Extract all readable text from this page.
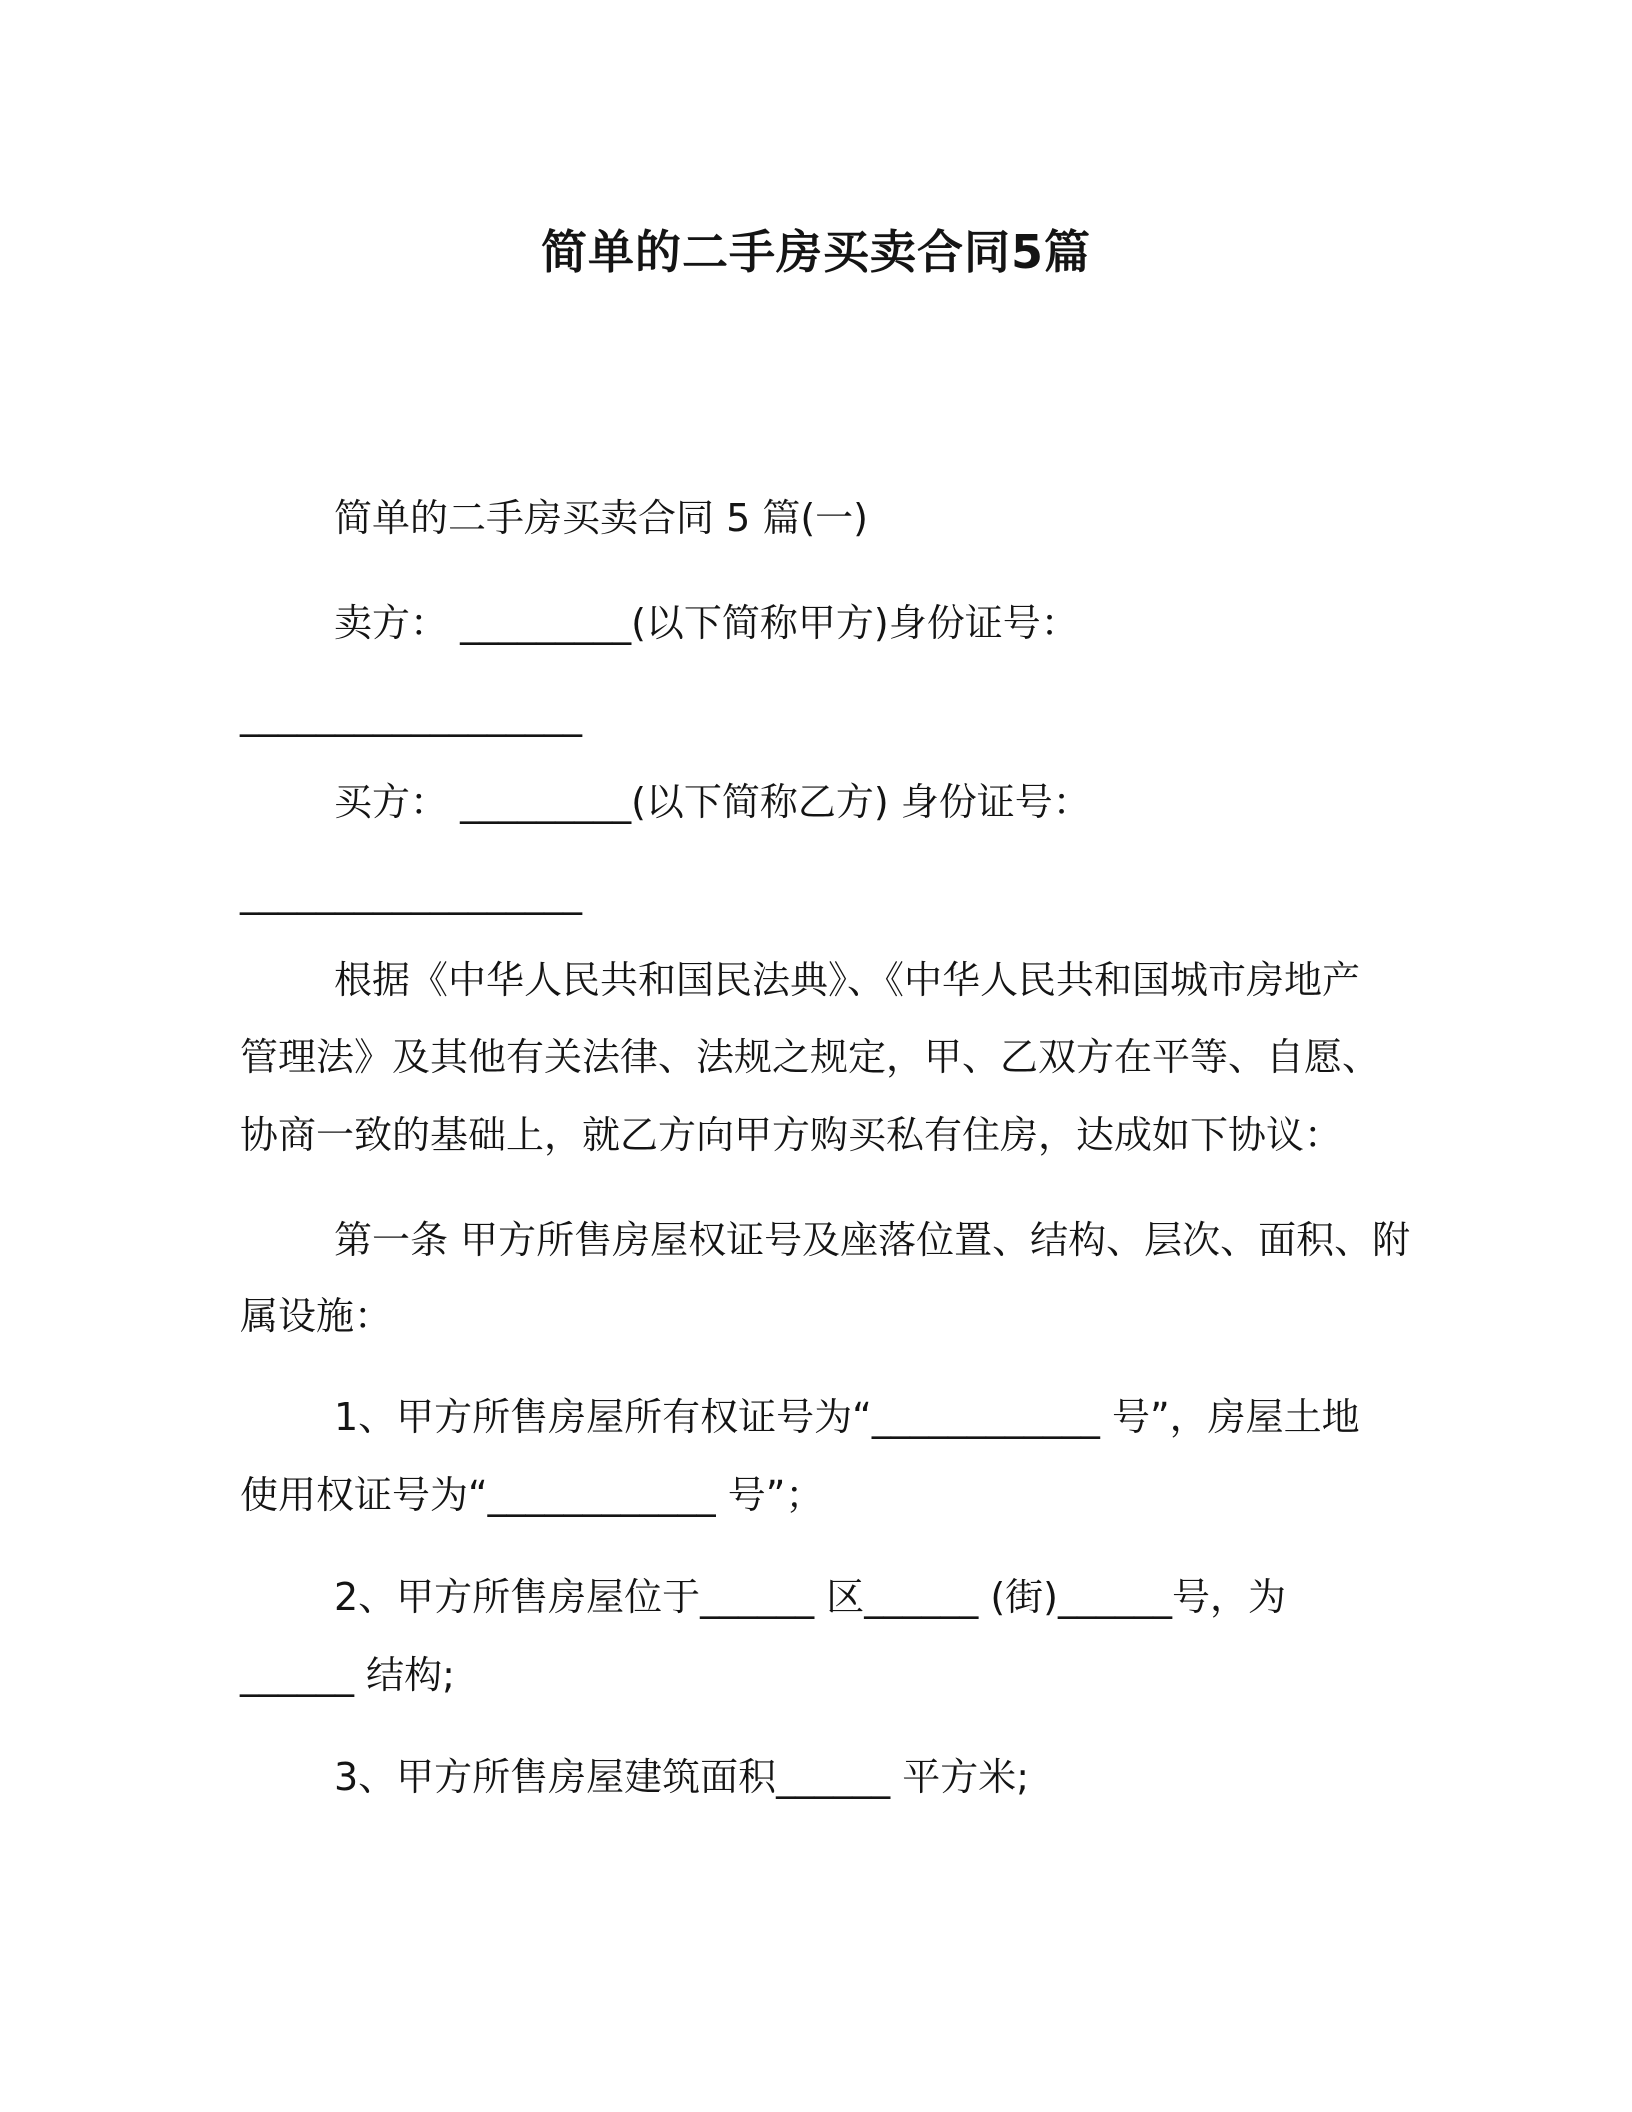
简单的二手房买卖合同5篇
简单的二手房买卖合同 5 篇(一)
卖方： _________(以下简称甲方)身份证号：
__________________
买方： _________(以下简称乙方) 身份证号：
__________________
根据《中华人民共和国民法典》、《中华人民共和国城市房地产
管理法》及其他有关法律、法规之规定，甲、乙双方在平等、自愿、
协商一致的基础上，就乙方向甲方购买私有住房，达成如下协议：
第一条 甲方所售房屋权证号及座落位置、结构、层次、面积、附
属设施：
1、甲方所售房屋所有权证号为“____________ 号”，房屋土地
使用权证号为“____________ 号”；
2、甲方所售房屋位于______ 区______ (街)______号，为
______ 结构;
3、甲方所售房屋建筑面积______ 平方米;
